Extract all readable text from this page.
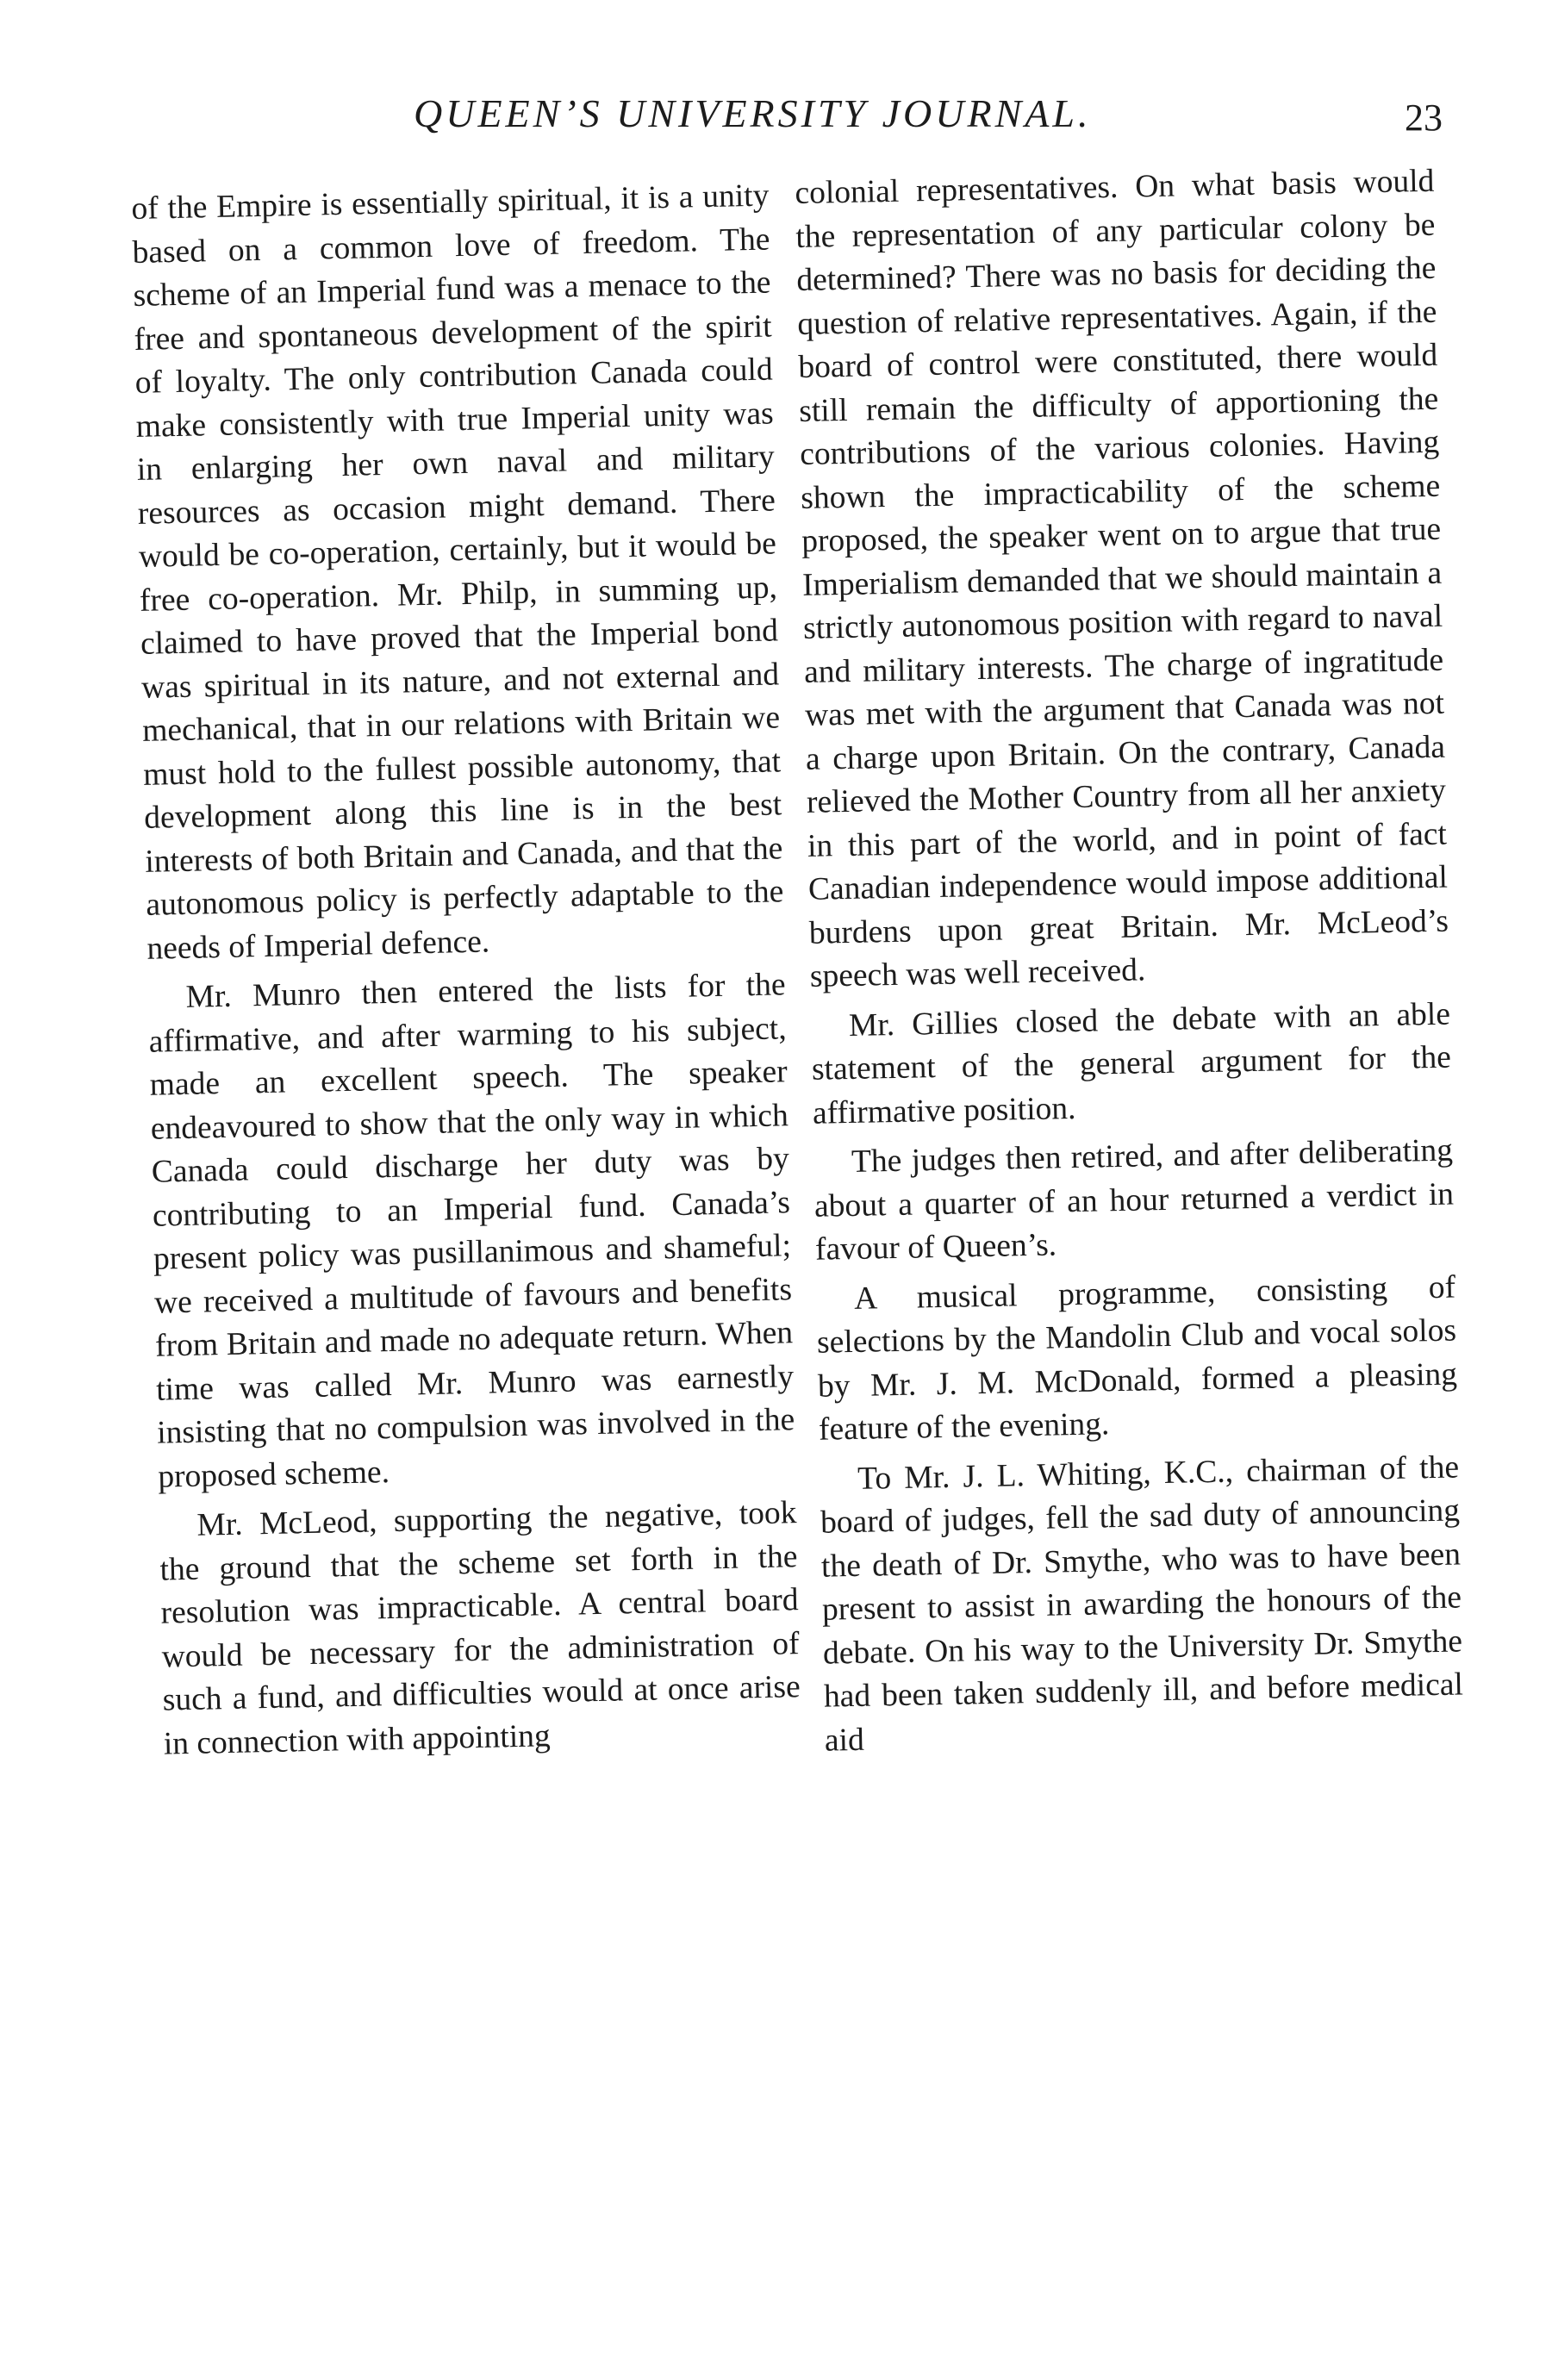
QUEEN’S UNIVERSITY JOURNAL.	23

of the Empire is essentially spiritual, it is a unity based on a common love of freedom. The scheme of an Imperial fund was a menace to the free and spontaneous development of the spirit of loyalty. The only contribution Canada could make consistently with true Imperial unity was in enlarging her own naval and military resources as occasion might demand. There would be co-operation, certainly, but it would be free co-operation. Mr. Philp, in summing up, claimed to have proved that the Imperial bond was spiritual in its nature, and not external and mechanical, that in our relations with Britain we must hold to the fullest possible autonomy, that development along this line is in the best interests of both Britain and Canada, and that the autonomous policy is perfectly adaptable to the needs of Imperial defence.

Mr. Munro then entered the lists for the affirmative, and after warming to his subject, made an excellent speech. The speaker endeavoured to show that the only way in which Canada could discharge her duty was by contributing to an Imperial fund. Canada’s present policy was pusillanimous and shameful; we received a multitude of favours and benefits from Britain and made no adequate return. When time was called Mr. Munro was earnestly insisting that no compulsion was involved in the proposed scheme.

Mr. McLeod, supporting the negative, took the ground that the scheme set forth in the resolution was impracticable. A central board would be necessary for the administration of such a fund, and difficulties would at once arise in connection with appointing

colonial representatives. On what basis would the representation of any particular colony be determined? There was no basis for deciding the question of relative representatives. Again, if the board of control were constituted, there would still remain the difficulty of apportioning the contributions of the various colonies. Having shown the impracticability of the scheme proposed, the speaker went on to argue that true Imperialism demanded that we should maintain a strictly autonomous position with regard to naval and military interests. The charge of ingratitude was met with the argument that Canada was not a charge upon Britain. On the contrary, Canada relieved the Mother Country from all her anxiety in this part of the world, and in point of fact Canadian independence would impose additional burdens upon great Britain. Mr. McLeod’s speech was well received.

Mr. Gillies closed the debate with an able statement of the general argument for the affirmative position.

The judges then retired, and after deliberating about a quarter of an hour returned a verdict in favour of Queen’s.

A musical programme, consisting of selections by the Mandolin Club and vocal solos by Mr. J. M. McDonald, formed a pleasing feature of the evening.

To Mr. J. L. Whiting, K.C., chairman of the board of judges, fell the sad duty of announcing the death of Dr. Smythe, who was to have been present to assist in awarding the honours of the debate. On his way to the University Dr. Smythe had been taken suddenly ill, and before medical aid
